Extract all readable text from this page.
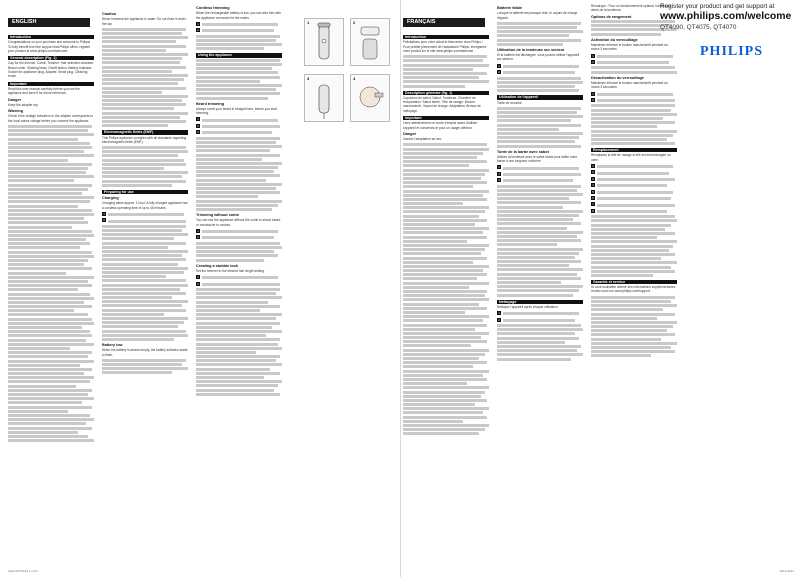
ENGLISH
Introduction

Congratulations on your purchase and welcome to Philips! To fully benefit from the support that Philips offers, register your product at www.philips.com/welcome.

General description (Fig. 1)

Cap for the trimmer. Comb. Trimmer. Hair selection chamber. Beard comb. Shaving head. On/off button. Battery indicator. Socket for appliance plug. Adapter. Small plug. Cleaning brush.

Important

Read this user manual carefully before you use the appliance and save it for future reference.

Danger

Keep the adapter dry.

Warning

Check if the voltage indicated on the adapter corresponds to the local mains voltage before you connect the appliance.

Caution

Never immerse the appliance in water. Do not rinse it under the tap.

Electromagnetic fields (EMF)

This Philips appliance complies with all standards regarding electromagnetic fields (EMF).

Preparing for use
Charging

Charging takes approx. 1 hour. A fully charged appliance has a cordless operating time of up to 45 minutes.

1
2
Battery low

When the battery is almost empty, the battery indicator starts to flash.

Cordless trimming

When the rechargeable battery is low, you can also trim with the appliance connected to the mains.

1
2
Using the appliance
Beard trimming

Always comb your beard in straight lines, before you start trimming.

1
2
3
Trimming without comb

You can use the appliance without the comb to shave beard or moustache to contour.

1
2
Creating a stubble look

Set the trimmer to the desired hair length setting.

1
2
1	2
3	4
4222.005.0146.1 (1/2)
FRANÇAIS
Introduction

Félicitations pour votre achat et bienvenue chez Philips ! Pour profiter pleinement de l'assistance Philips, enregistrez votre produit sur le site www.philips.com/welcome.

Description générale (fig. 1)

Capuchon du sabot. Sabot. Tondeuse. Chambre de récupération. Sabot barbe. Tête de rasage. Bouton marche/arrêt. Voyant de charge. Adaptateur. Brosse de nettoyage.

Important

Lisez attentivement ce mode d'emploi avant d'utiliser l'appareil et conservez-le pour un usage ultérieur.

Danger

Gardez l'adaptateur au sec.

Batterie faible

Lorsque la batterie est presque vide, le voyant de charge clignote.

Utilisation de la tondeuse sur secteur

Si la batterie est déchargée, vous pouvez utiliser l'appareil sur secteur.

1
2
Utilisation de l'appareil

Tonte de la barbe

Tonte de la barbe avec sabot

Utilisez la tondeuse avec le sabot barbe pour tailler votre barbe à une longueur uniforme.

1
2
3
Nettoyage

Nettoyez l'appareil après chaque utilisation.

1
2

Remarque : Pour un fonctionnement optimal, lubrifiez les dents de la tondeuse.

Options de rangement
Activation du verrouillage

Maintenez enfoncé le bouton marche/arrêt pendant au moins 3 secondes.

1
2
Désactivation du verrouillage

Maintenez enfoncé le bouton marche/arrêt pendant au moins 3 secondes.

1
2
Remplacement

Remplacez la tête de rasage si elle est endommagée ou usée.

1
2
3
4
5
6
7
8
Garantie et service

Si vous souhaitez obtenir des informations supplémentaires, rendez-vous sur www.philips.com/support.

2013-2014
Register your product and get support at
www.philips.com/welcome
QT4090, QT4075, QT4070
PHILIPS
